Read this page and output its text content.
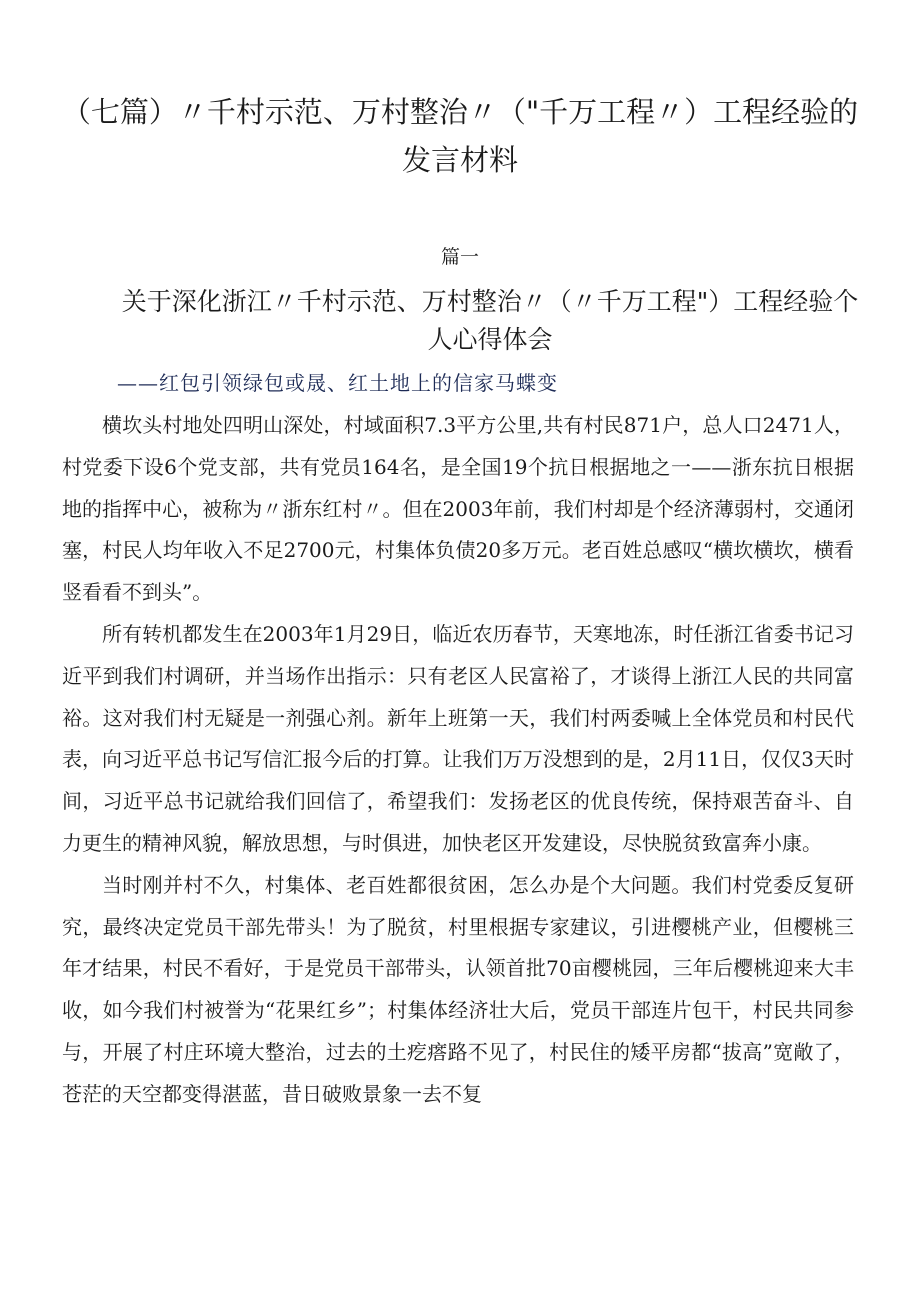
（七篇）〃千村示范、万村整治〃（"千万工程〃）工程经验的发言材料
篇一
关于深化浙江〃千村示范、万村整治〃（〃千万工程"）工程经验个人心得体会
——红包引领绿包或晟、红土地上的信家马蝶变

横坎头村地处四明山深处，村域面积7.3平方公里,共有村民871户，总人口2471人，村党委下设6个党支部，共有党员164名，是全国19个抗日根据地之一——浙东抗日根据地的指挥中心，被称为〃浙东红村〃。但在2003年前，我们村却是个经济薄弱村，交通闭塞，村民人均年收入不足2700元，村集体负债20多万元。老百姓总感叹“横坎横坎，横看竖看看不到头”。

所有转机都发生在2003年1月29日，临近农历春节，天寒地冻，时任浙江省委书记习近平到我们村调研，并当场作出指示：只有老区人民富裕了，才谈得上浙江人民的共同富裕。这对我们村无疑是一剂强心剂。新年上班第一天，我们村两委喊上全体党员和村民代表，向习近平总书记写信汇报今后的打算。让我们万万没想到的是，2月11日，仅仅3天时间，习近平总书记就给我们回信了，希望我们：发扬老区的优良传统，保持艰苦奋斗、自力更生的精神风貌，解放思想，与时俱进，加快老区开发建设，尽快脱贫致富奔小康。

当时刚并村不久，村集体、老百姓都很贫困，怎么办是个大问题。我们村党委反复研究，最终决定党员干部先带头！为了脱贫，村里根据专家建议，引进樱桃产业，但樱桃三年才结果，村民不看好，于是党员干部带头，认领首批70亩樱桃园，三年后樱桃迎来大丰收，如今我们村被誉为“花果红乡”；村集体经济壮大后，党员干部连片包干，村民共同参与，开展了村庄环境大整治，过去的土疙瘩路不见了，村民住的矮平房都“拔高”宽敞了，苍茫的天空都变得湛蓝，昔日破败景象一去不复
